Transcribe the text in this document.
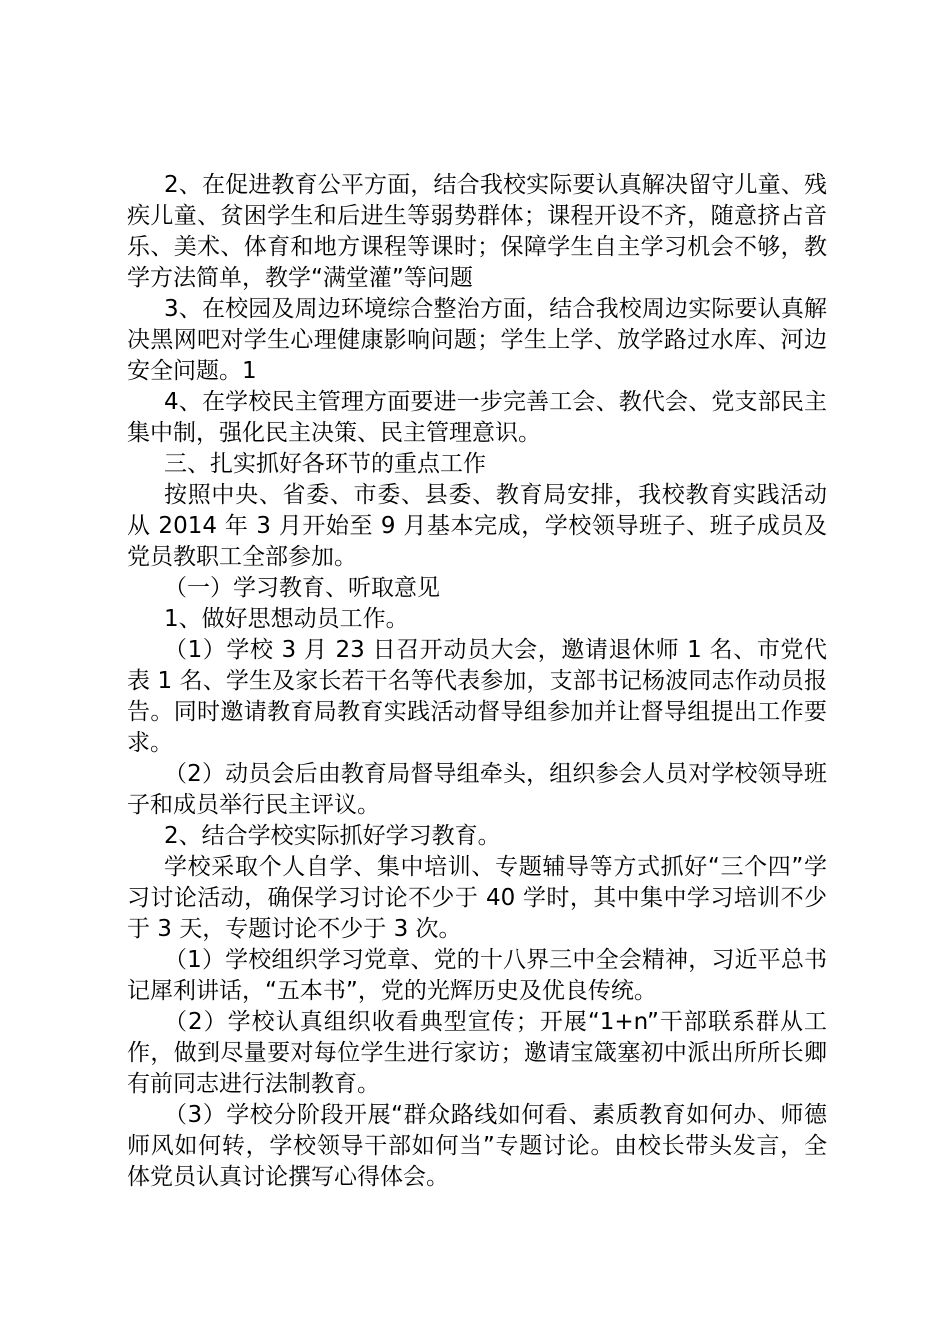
2、在促进教育公平方面，结合我校实际要认真解决留守儿童、残疾儿童、贫困学生和后进生等弱势群体；课程开设不齐，随意挤占音乐、美术、体育和地方课程等课时；保障学生自主学习机会不够，教学方法简单，教学“满堂灌”等问题

3、在校园及周边环境综合整治方面，结合我校周边实际要认真解决黑网吧对学生心理健康影响问题；学生上学、放学路过水库、河边安全问题。1

4、在学校民主管理方面要进一步完善工会、教代会、党支部民主集中制，强化民主决策、民主管理意识。

三、扎实抓好各环节的重点工作

按照中央、省委、市委、县委、教育局安排，我校教育实践活动从 2014 年 3 月开始至 9 月基本完成，学校领导班子、班子成员及党员教职工全部参加。

（一）学习教育、听取意见

1、做好思想动员工作。

（1）学校 3 月 23 日召开动员大会，邀请退休师 1 名、市党代表 1 名、学生及家长若干名等代表参加，支部书记杨波同志作动员报告。同时邀请教育局教育实践活动督导组参加并让督导组提出工作要求。

（2）动员会后由教育局督导组牵头，组织参会人员对学校领导班子和成员举行民主评议。

2、结合学校实际抓好学习教育。

学校采取个人自学、集中培训、专题辅导等方式抓好“三个四”学习讨论活动，确保学习讨论不少于 40 学时，其中集中学习培训不少于 3 天，专题讨论不少于 3 次。

（1）学校组织学习党章、党的十八界三中全会精神，习近平总书记犀利讲话，“五本书”，党的光辉历史及优良传统。

（2）学校认真组织收看典型宣传；开展“1+n”干部联系群从工作，做到尽量要对每位学生进行家访；邀请宝箴塞初中派出所所长卿有前同志进行法制教育。

（3）学校分阶段开展“群众路线如何看、素质教育如何办、师德师风如何转，学校领导干部如何当”专题讨论。由校长带头发言，全体党员认真讨论撰写心得体会。
